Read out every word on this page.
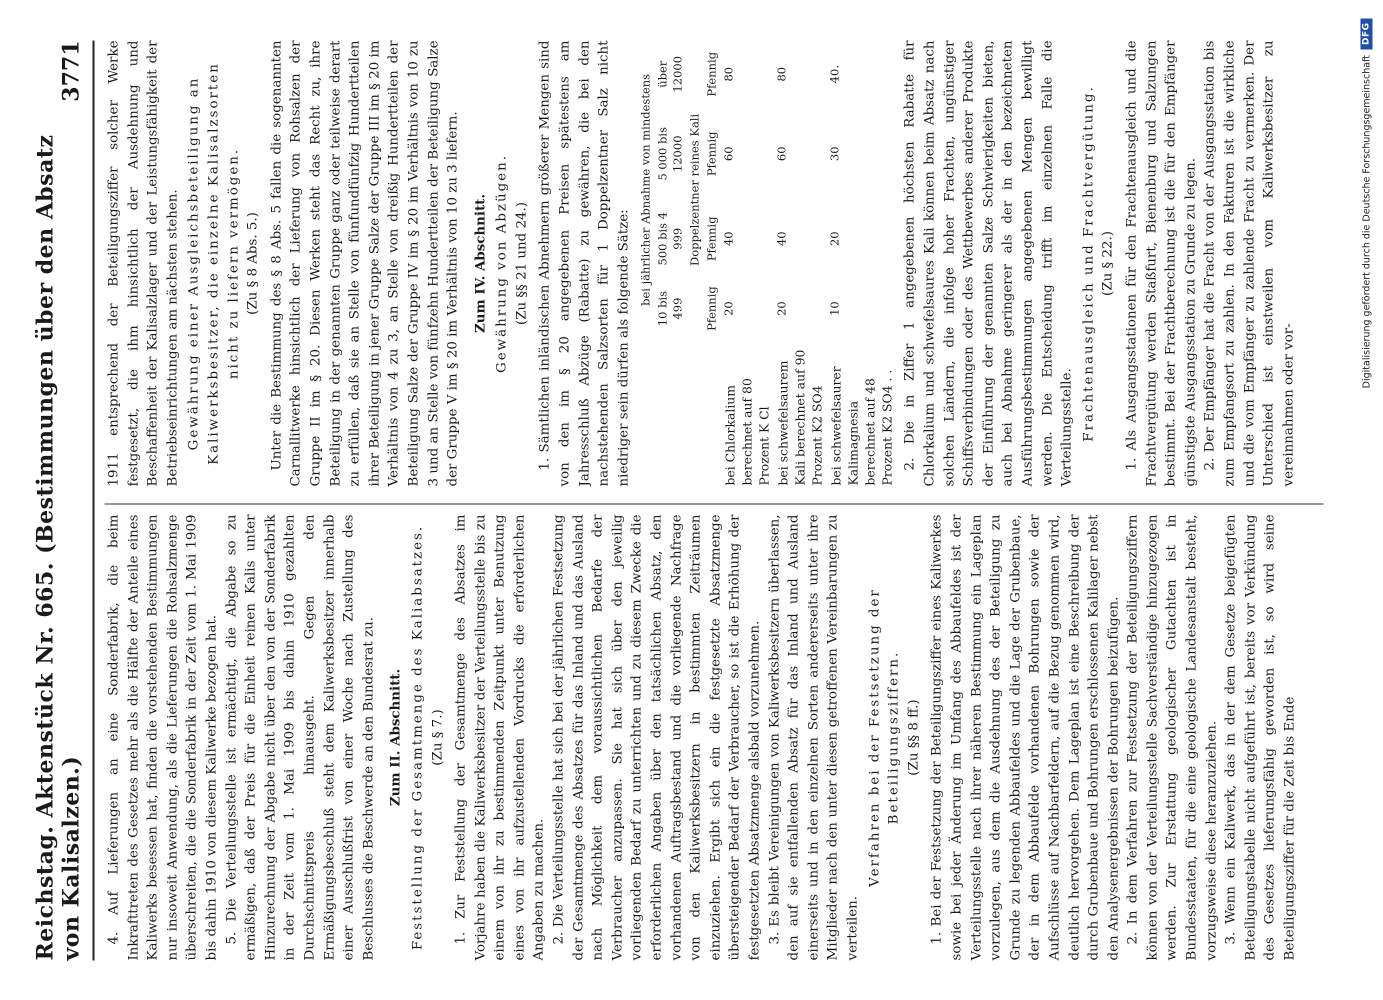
Reichstag. Aktenstück Nr. 665. (Bestimmungen über den Absatz von Kalisalzen.)
3771

4. Auf Lieferungen an eine Sonderfabrik, die beim Inkrafttreten des Gesetzes mehr als die Hälfte der Anteile eines Kaliwerks besessen hat, finden die vorstehenden Bestimmungen nur insoweit Anwendung, als die Lieferungen die Rohsalzmenge überschreiten, die die Sonderfabrik in der Zeit vom 1. Mai 1909 bis dahin 1910 von diesem Kaliwerke bezogen hat. 5. Die Verteilungsstelle ist ermächtigt, die Abgabe so zu ermäßigen, daß der Preis für die Einheit reinen Kalis unter Hinzurechnung der Abgabe nicht über den von der Sonderfabrik in der Zeit vom 1. Mai 1909 bis dahin 1910 gezahlten Durchschnittspreis hinausgeht. Gegen den Ermäßigungsbeschluß steht dem Kaliwerksbesitzer innerhalb einer Ausschlußfrist von einer Woche nach Zustellung des Beschlusses die Beschwerde an den Bundesrat zu. Zum II. Abschnitt. Feststellung der Gesamtmenge des Kaliabsatzes. (Zu § 7.) 1. Zur Feststellung der Gesamtmenge des Absatzes im Vorjahre haben die Kaliwerksbesitzer der Verteilungsstelle bis zu einem von ihr zu bestimmenden Zeitpunkt unter Benutzung eines von ihr aufzustellenden Vordrucks die erforderlichen Angaben zu machen. 2. Die Verteilungsstelle hat sich bei der jährlichen Festsetzung der Gesamtmenge des Absatzes für das Inland und das Ausland nach Möglichkeit dem voraussichtlichen Bedarfe der Verbraucher anzupassen. Sie hat sich über den jeweilig vorliegenden Bedarf zu unterrichten und zu diesem Zwecke die erforderlichen Angaben über den tatsächlichen Absatz, den vorhandenen Auftragsbestand und die vorliegende Nachfrage von den Kaliwerksbesitzern in bestimmten Zeiträumen einzuziehen. Ergibt sich ein die festgesetzte Absatzmenge übersteigender Bedarf der Verbraucher, so ist die Erhöhung der festgesetzten Absatzmenge alsbald vorzunehmen. 3. Es bleibt Vereinigungen von Kaliwerksbesitzern überlassen, den auf sie entfallenden Absatz für das Inland und Ausland einerseits und in den einzelnen Sorten andererseits unter ihre Mitglieder nach den unter diesen getroffenen Vereinbarungen zu verteilen.

Verfahren bei der Festsetzung der Beteiligungsziffern. (Zu §§ 8 ff.) 1. Bei der Festsetzung der Beteiligungsziffer eines Kaliwerkes sowie bei jeder Änderung im Umfang des Abbaufeldes ist der Verteilungsstelle nach ihrer näheren Bestimmung ein Lageplan vorzulegen, aus dem die Ausdehnung des der Beteiligung zu Grunde zu legenden Abbaufeldes und die Lage der Grubenbaue, der in dem Abbaufelde vorhandenen Bohrungen sowie der Aufschlüsse auf Nachbarfeldern, auf die Bezug genommen wird, deutlich hervorgehen. Dem Lageplan ist eine Beschreibung der durch Grubenbaue und Bohrungen erschlossenen Kalilager nebst den Analysenergebnissen der Bohrungen beizufügen. 2. In dem Verfahren zur Festsetzung der Beteiligungsziffern können von der Verteilungsstelle Sachverständige hinzugezogen werden. Zur Erstattung geologischer Gutachten ist in Bundesstaaten, für die eine geologische Landesanstalt besteht, vorzugsweise diese heranzuziehen. 3. Wenn ein Kaliwerk, das in der dem Gesetze beigefügten Beteiligungstabelle nicht aufgeführt ist, bereits vor Verkündung des Gesetzes lieferungsfähig geworden ist, so wird seine Beteiligungsziffer für die Zeit bis Ende

1911 entsprechend der Beteiligungsziffer solcher Werke festgesetzt, die ihm hinsichtlich der Ausdehnung und Beschaffenheit der Kalisalzlager und der Leistungsfähigkeit der Betriebseinrichtungen am nächsten stehen. Gewährung einer Ausgleichsbeteiligung an Kaliwerksbesitzer, die einzelne Kalisalzsorten nicht zu liefern vermögen. (Zu § 8 Abs. 5.) Unter die Bestimmung des § 8 Abs. 5 fallen die sogenannten Carnallitwerke hinsichtlich der Lieferung von Rohsalzen der Gruppe II im § 20. Diesen Werken steht das Recht zu, ihre Beteiligung in der genannten Gruppe ganz oder teilweise derart zu erfüllen, daß sie an Stelle von fünfundfünfzig Hundertteilen ihrer Beteiligung in jener Gruppe Salze der Gruppe III im § 20 im Verhältnis von 4 zu 3, an Stelle von dreißig Hundertteilen der Beteiligung Salze der Gruppe IV im § 20 im Verhältnis von 10 zu 3 und an Stelle von fünfzehn Hundertteilen der Beteiligung Salze der Gruppe V im § 20 im Verhältnis von 10 zu 3 liefern. Zum IV. Abschnitt. Gewährung von Abzügen. (Zu §§ 21 und 24.) 1. Sämtlichen inländischen Abnehmern größerer Mengen sind von den im § 20 angegebenen Preisen spätestens am Jahresschluß Abzüge (Rabatte) zu gewähren, die bei den nachstehenden Salzsorten für 1 Doppelzentner Salz nicht niedriger sein dürfen als folgende Sätze:

	bei jährlicher Abnahme von mindestens			
	10 bis 499	500 bis 4 999	5 000 bis 12000	über 12000
	Doppelzentner reines Kali			
	Pfennig	Pfennig	Pfennig	Pfennig
bei Chlorkalium berechnet auf 80 Prozent K Cl	20	40	60	80
bei schwefelsaurem Kali berechnet auf 90 Prozent K2 SO4	20	40	60	80
bei schwefelsaurer Kalimagnesia berechnet auf 48 Prozent K2 SO4 . .	10	20	30	40.	2. Die in Ziffer 1 angegebenen höchsten Rabatte für Chlorkalium und schwefelsaures Kali können beim Absatz nach solchen Ländern, die infolge hoher Frachten, ungünstiger Schiffsverbindungen oder des Wettbewerbes anderer Produkte der Einführung der genannten Salze Schwierigkeiten bieten, auch bei Abnahme geringerer als der in den bezeichneten Ausführungsbestimmungen angegebenen Mengen bewilligt werden. Die Entscheidung trifft im einzelnen Falle die Verteilungsstelle. Frachtenausgleich und Frachtvergütung. (Zu § 22.) 1. Als Ausgangsstationen für den Frachtenausgleich und die Frachtvergütung werden Staßfurt, Bienenburg und Salzungen bestimmt. Bei der Frachtberechnung ist die für den Empfänger günstigste Ausgangsstation zu Grunde zu legen. 2. Der Empfänger hat die Fracht von der Ausgangsstation bis zum Empfangsort zu zahlen. In den Fakturen ist die wirkliche und die vom Empfänger zu zahlende Fracht zu vermerken. Der Unterschied ist einstweilen vom Kaliwerksbesitzer zu vereinnahmen oder vor-

Digitalisierung gefördert durch die Deutsche Forschungsgemeinschaft
DFG
